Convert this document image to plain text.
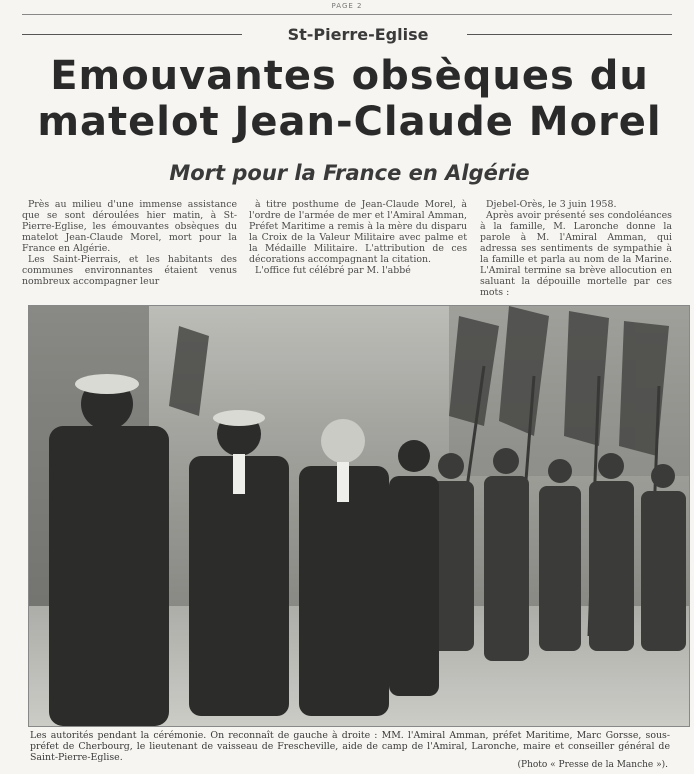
PAGE 2
St-Pierre-Eglise
Emouvantes obsèques du
matelot Jean-Claude Morel
Mort pour la France en Algérie

Près au milieu d'une immense assistance que se sont déroulées hier matin, à St-Pierre-Eglise, les émouvantes obsèques du matelot Jean-Claude Morel, mort pour la France en Algérie.

Les Saint-Pierrais, et les habitants des communes environnantes étaient venus nombreux accompagner leur

à titre posthume de Jean-Claude Morel, à l'ordre de l'armée de mer et l'Amiral Amman, Préfet Maritime a remis à la mère du disparu la Croix de la Valeur Militaire avec palme et la Médaille Militaire. L'attribution de ces décorations accompagnant la citation.

L'office fut célébré par M. l'abbé

Djebel-Orès, le 3 juin 1958.

Après avoir présenté ses condoléances à la famille, M. Laronche donne la parole à M. l'Amiral Amman, qui adressa ses sentiments de sympathie à la famille et parla au nom de la Marine. L'Amiral termine sa brève allocution en saluant la dépouille mortelle par ces mots :

Les autorités pendant la cérémonie. On reconnaît de gauche à droite : MM. l'Amiral Amman, préfet Maritime, Marc Gorsse, sous-préfet de Cherbourg, le lieutenant de vaisseau de Frescheville, aide de camp de l'Amiral, Laronche, maire et conseiller général de Saint-Pierre-Eglise.
(Photo « Presse de la Manche »).
